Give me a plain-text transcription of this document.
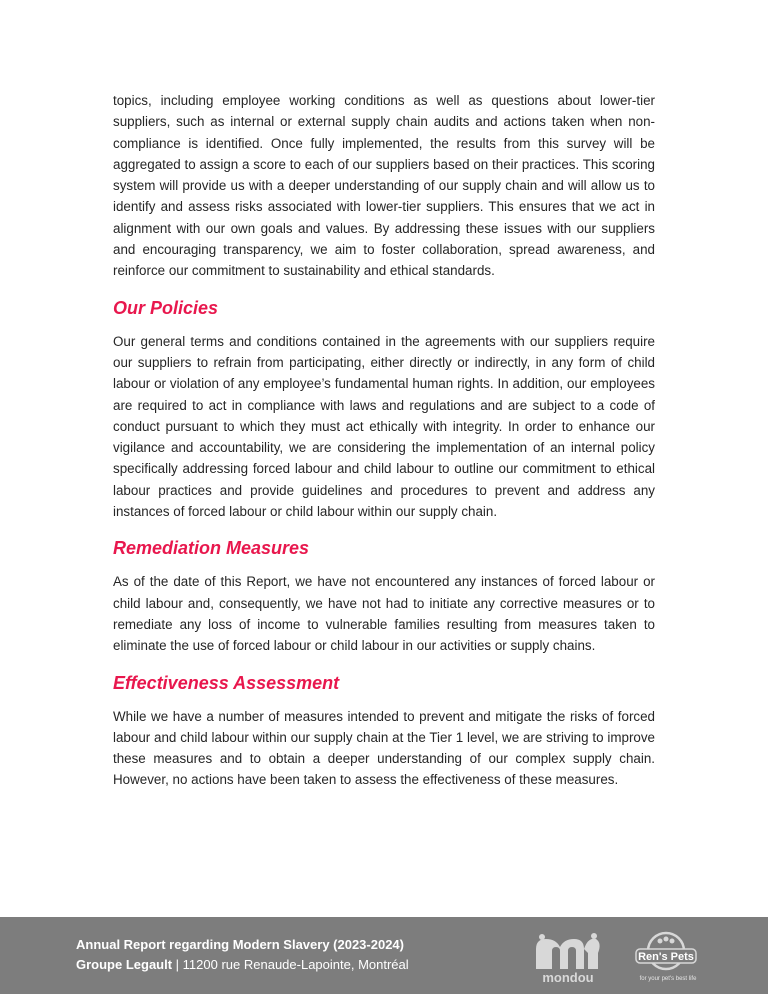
topics, including employee working conditions as well as questions about lower-tier suppliers, such as internal or external supply chain audits and actions taken when non-compliance is identified. Once fully implemented, the results from this survey will be aggregated to assign a score to each of our suppliers based on their practices. This scoring system will provide us with a deeper understanding of our supply chain and will allow us to identify and assess risks associated with lower-tier suppliers. This ensures that we act in alignment with our own goals and values. By addressing these issues with our suppliers and encouraging transparency, we aim to foster collaboration, spread awareness, and reinforce our commitment to sustainability and ethical standards.

Our Policies

Our general terms and conditions contained in the agreements with our suppliers require our suppliers to refrain from participating, either directly or indirectly, in any form of child labour or violation of any employee’s fundamental human rights. In addition, our employees are required to act in compliance with laws and regulations and are subject to a code of conduct pursuant to which they must act ethically with integrity. In order to enhance our vigilance and accountability, we are considering the implementation of an internal policy specifically addressing forced labour and child labour to outline our commitment to ethical labour practices and provide guidelines and procedures to prevent and address any instances of forced labour or child labour within our supply chain.

Remediation Measures

As of the date of this Report, we have not encountered any instances of forced labour or child labour and, consequently, we have not had to initiate any corrective measures or to remediate any loss of income to vulnerable families resulting from measures taken to eliminate the use of forced labour or child labour in our activities or supply chains.

Effectiveness Assessment

While we have a number of measures intended to prevent and mitigate the risks of forced labour and child labour within our supply chain at the Tier 1 level, we are striving to improve these measures and to obtain a deeper understanding of our complex supply chain. However, no actions have been taken to assess the effectiveness of these measures.

Annual Report regarding Modern Slavery (2023-2024)
Groupe Legault | 11200 rue Renaude-Lapointe, Montréal
mondou
Ren's Pets
for your pet's best life
